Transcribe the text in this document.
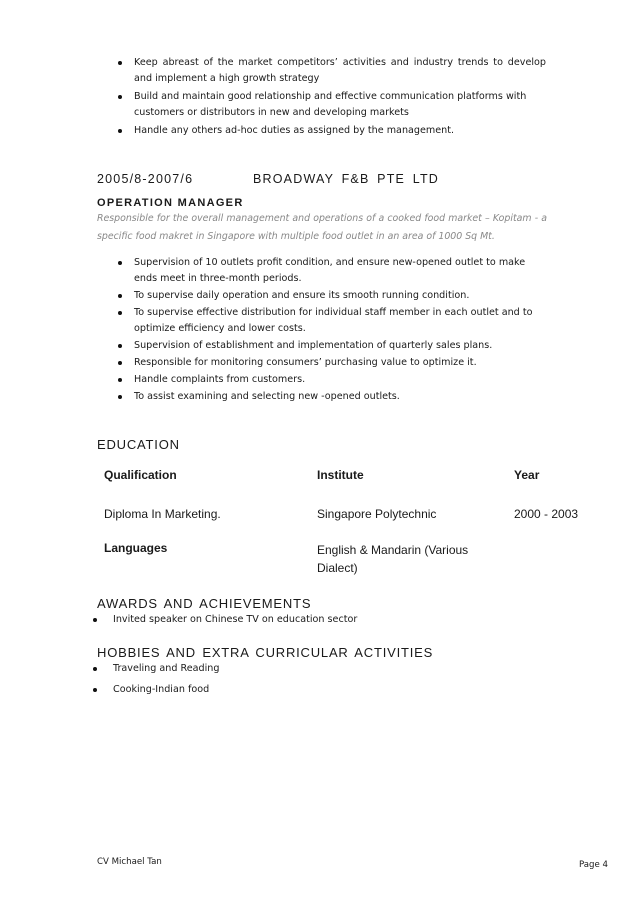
Keep abreast of the market competitors’ activities and industry trends to develop and implement a high growth strategy
Build and maintain good relationship and effective communication platforms with customers or distributors in new and developing markets
Handle any others ad-hoc duties as assigned by the management.
2005/8-2007/6	BROADWAY F&B PTE LTD
OPERATION MANAGER
Responsible for the overall management and operations of a cooked food market – Kopitam - a specific food makret in Singapore with multiple food outlet in an area of 1000 Sq Mt.
Supervision of 10 outlets profit condition, and ensure new-opened outlet to make ends meet in three-month periods.
To supervise daily operation and ensure its smooth running condition.
To supervise effective distribution for individual staff member in each outlet and to optimize efficiency and lower costs.
Supervision of establishment and implementation of quarterly sales plans.
Responsible for monitoring consumers’ purchasing value to optimize it.
Handle complaints from customers.
To assist examining and selecting new -opened outlets.
EDUCATION
Qualification	Institute	Year
Diploma In Marketing.	Singapore Polytechnic	2000 - 2003
Languages	English & Mandarin (Various Dialect)
AWARDS AND ACHIEVEMENTS
Invited speaker on Chinese TV on education sector
HOBBIES AND EXTRA CURRICULAR ACTIVITIES
Traveling and Reading
Cooking-Indian food
CV Michael Tan	Page 4
